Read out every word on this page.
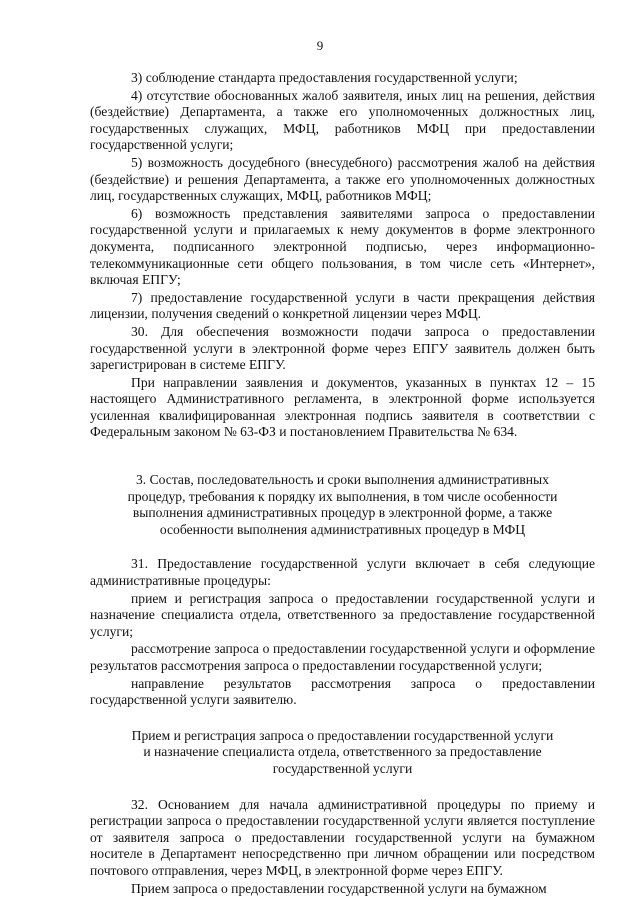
9

3) соблюдение стандарта предоставления государственной услуги;

4) отсутствие обоснованных жалоб заявителя, иных лиц на решения, действия (бездействие) Департамента, а также его уполномоченных должностных лиц, государственных служащих, МФЦ, работников МФЦ при предоставлении государственной услуги;

5) возможность досудебного (внесудебного) рассмотрения жалоб на действия (бездействие) и решения Департамента, а также его уполномоченных должностных лиц, государственных служащих, МФЦ, работников МФЦ;

6) возможность представления заявителями запроса о предоставлении государственной услуги и прилагаемых к нему документов в форме электронного документа, подписанного электронной подписью, через информационно-телекоммуникационные сети общего пользования, в том числе сеть «Интернет», включая ЕПГУ;

7) предоставление государственной услуги в части прекращения действия лицензии, получения сведений о конкретной лицензии через МФЦ.

30. Для обеспечения возможности подачи запроса о предоставлении государственной услуги в электронной форме через ЕПГУ заявитель должен быть зарегистрирован в системе ЕПГУ.

При направлении заявления и документов, указанных в пунктах 12 – 15 настоящего Административного регламента, в электронной форме используется усиленная квалифицированная электронная подпись заявителя в соответствии с Федеральным законом № 63-ФЗ и постановлением Правительства № 634.

3. Состав, последовательность и сроки выполнения административных

процедур, требования к порядку их выполнения, в том числе особенности

выполнения административных процедур в электронной форме, а также

особенности выполнения административных процедур в МФЦ

31. Предоставление государственной услуги включает в себя следующие административные процедуры:

прием и регистрация запроса о предоставлении государственной услуги и назначение специалиста отдела, ответственного за предоставление государственной услуги;

рассмотрение запроса о предоставлении государственной услуги и оформление результатов рассмотрения запроса о предоставлении государственной услуги;

направление результатов рассмотрения запроса о предоставлении государственной услуги заявителю.

Прием и регистрация запроса о предоставлении государственной услуги

и назначение специалиста отдела, ответственного за предоставление

государственной услуги

32. Основанием для начала административной процедуры по приему и регистрации запроса о предоставлении государственной услуги является поступление от заявителя запроса о предоставлении государственной услуги на бумажном носителе в Департамент непосредственно при личном обращении или посредством почтового отправления, через МФЦ, в электронной форме через ЕПГУ.

Прием запроса о предоставлении государственной услуги на бумажном
